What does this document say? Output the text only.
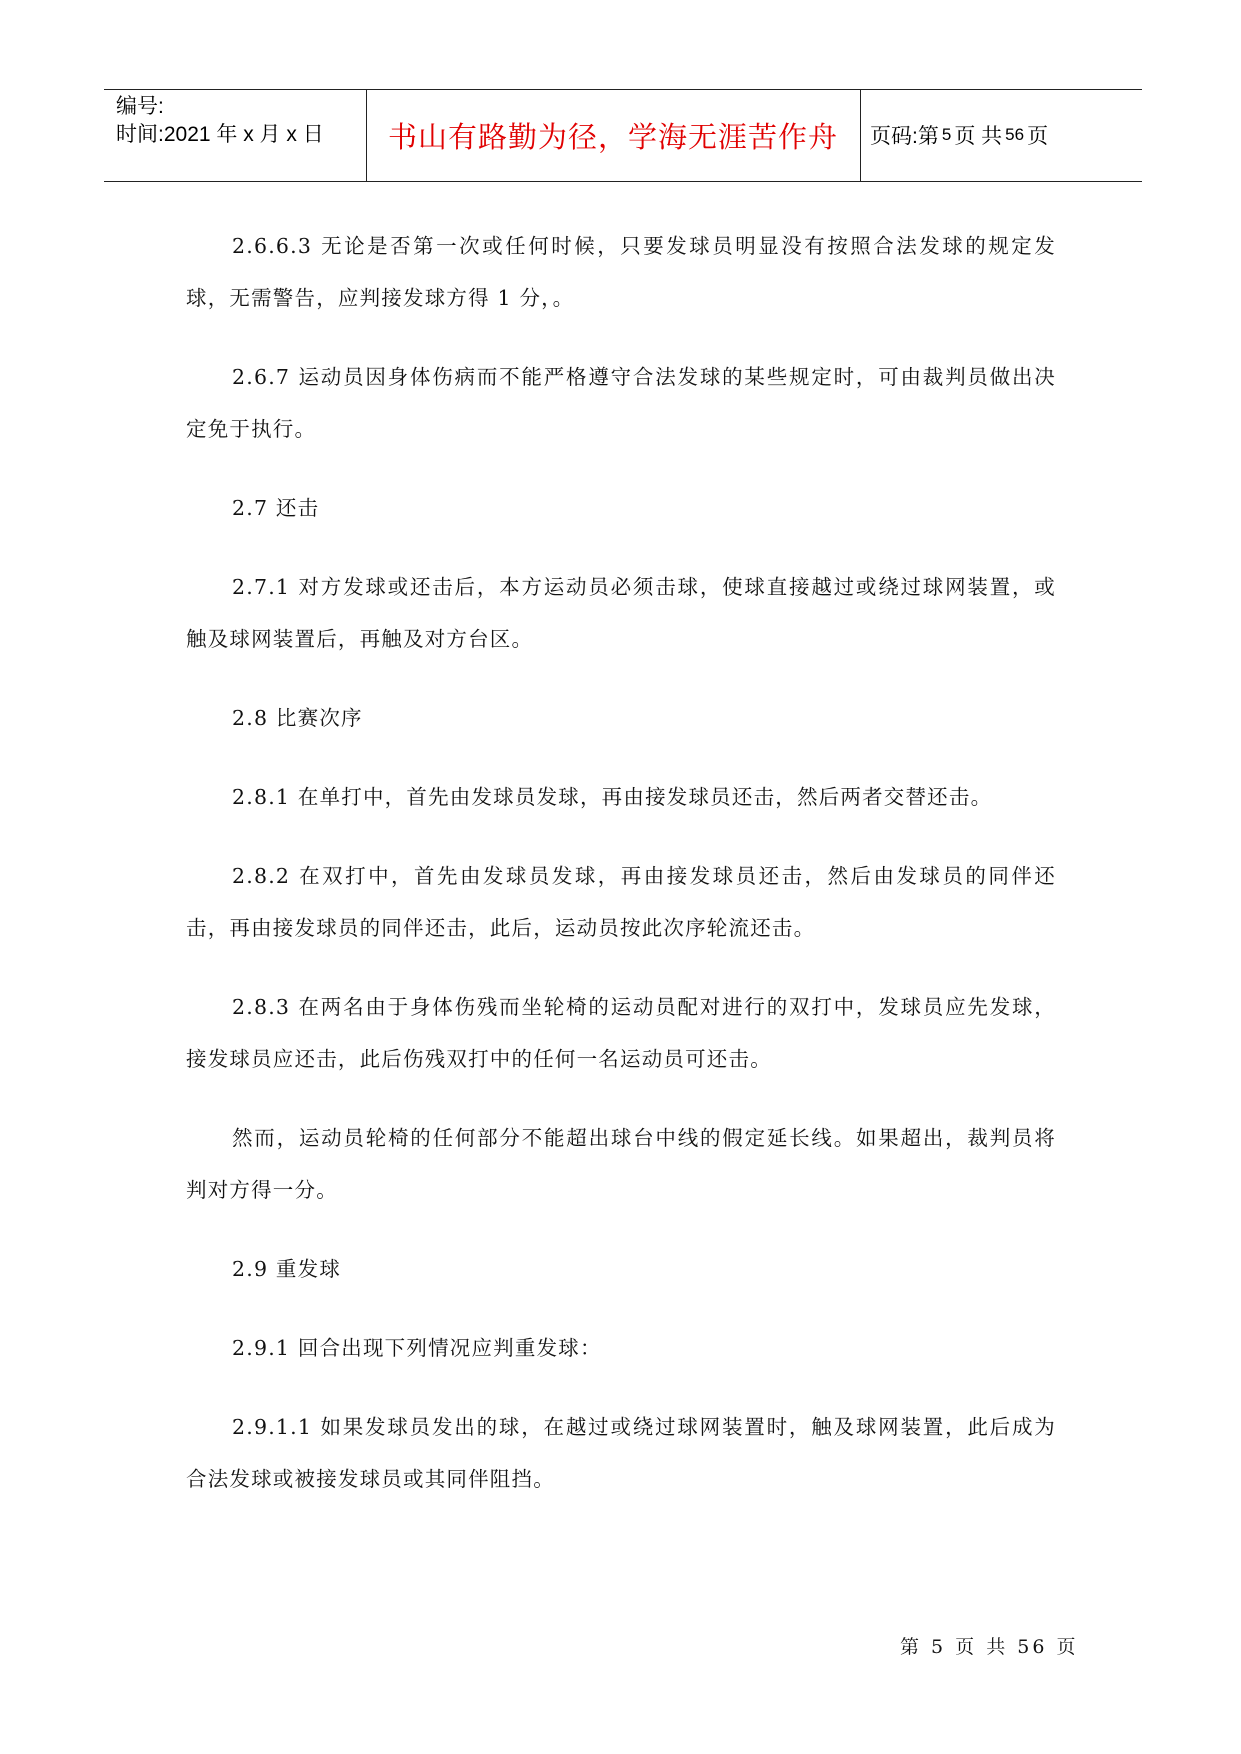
编号:
时间:2021 年 x 月 x 日	书山有路勤为径，学海无涯苦作舟	页码:第 5 页 共 56 页

2.6.6.3 无论是否第一次或任何时候，只要发球员明显没有按照合法发球的规定发球，无需警告，应判接发球方得 1 分，。

2.6.7 运动员因身体伤病而不能严格遵守合法发球的某些规定时，可由裁判员做出决定免于执行。

2.7 还击

2.7.1 对方发球或还击后，本方运动员必须击球，使球直接越过或绕过球网装置，或触及球网装置后，再触及对方台区。

2.8 比赛次序

2.8.1 在单打中，首先由发球员发球，再由接发球员还击，然后两者交替还击。

2.8.2 在双打中，首先由发球员发球，再由接发球员还击，然后由发球员的同伴还击，再由接发球员的同伴还击，此后，运动员按此次序轮流还击。

2.8.3 在两名由于身体伤残而坐轮椅的运动员配对进行的双打中，发球员应先发球，接发球员应还击，此后伤残双打中的任何一名运动员可还击。

然而，运动员轮椅的任何部分不能超出球台中线的假定延长线。如果超出，裁判员将判对方得一分。

2.9 重发球

2.9.1 回合出现下列情况应判重发球：

2.9.1.1 如果发球员发出的球，在越过或绕过球网装置时，触及球网装置，此后成为合法发球或被接发球员或其同伴阻挡。

第 5 页 共 56 页
